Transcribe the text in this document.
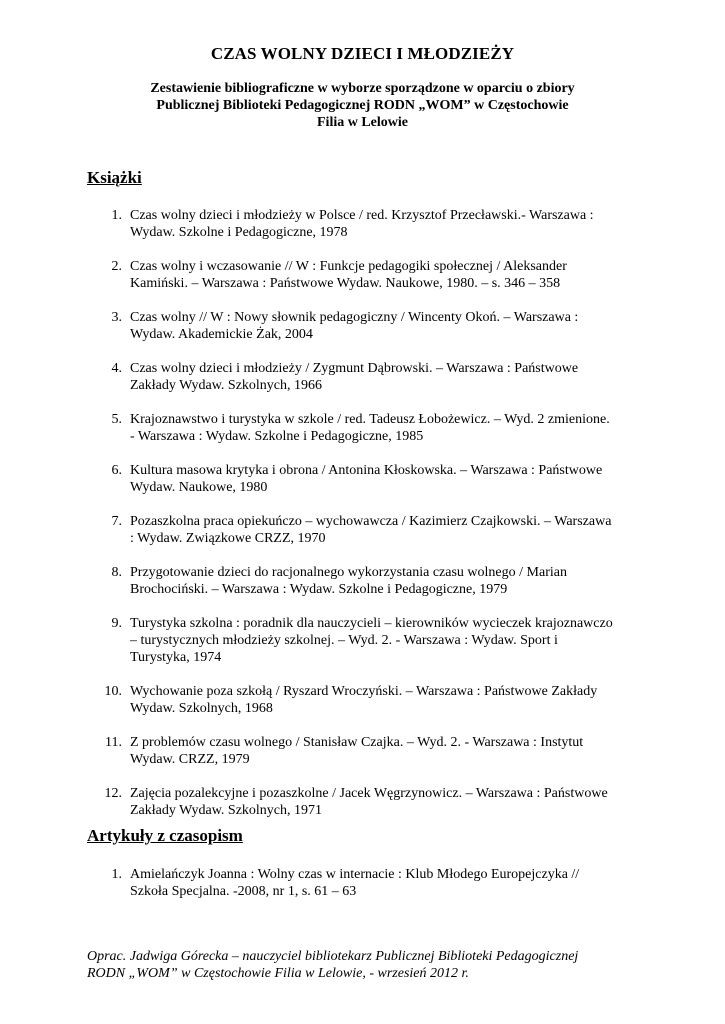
CZAS WOLNY DZIECI I MŁODZIEŻY
Zestawienie bibliograficzne w wyborze sporządzone w oparciu o zbiory
Publicznej Biblioteki Pedagogicznej RODN „WOM” w Częstochowie
Filia w Lelowie
Książki
1. Czas wolny dzieci i młodzieży w Polsce / red. Krzysztof Przecławski.- Warszawa :
Wydaw. Szkolne i Pedagogiczne, 1978
2. Czas wolny i wczasowanie // W : Funkcje pedagogiki społecznej / Aleksander
Kamiński. – Warszawa : Państwowe Wydaw. Naukowe, 1980. – s. 346 – 358
3. Czas wolny // W : Nowy słownik pedagogiczny / Wincenty Okoń. – Warszawa :
Wydaw. Akademickie Żak, 2004
4. Czas wolny dzieci i młodzieży / Zygmunt Dąbrowski. – Warszawa : Państwowe
Zakłady Wydaw. Szkolnych, 1966
5. Krajoznawstwo i turystyka w szkole / red. Tadeusz Łobożewicz. – Wyd. 2 zmienione.
- Warszawa : Wydaw. Szkolne i Pedagogiczne, 1985
6. Kultura masowa krytyka i obrona / Antonina Kłoskowska. – Warszawa : Państwowe
Wydaw. Naukowe, 1980
7. Pozaszkolna praca opiekuńczo – wychowawcza / Kazimierz Czajkowski. – Warszawa
: Wydaw. Związkowe CRZZ, 1970
8. Przygotowanie dzieci do racjonalnego wykorzystania czasu wolnego / Marian
Brochociński. – Warszawa : Wydaw. Szkolne i Pedagogiczne, 1979
9. Turystyka szkolna : poradnik dla nauczycieli – kierowników wycieczek krajoznawczo
– turystycznych młodzieży szkolnej. – Wyd. 2. - Warszawa : Wydaw. Sport i
Turystyka, 1974
10. Wychowanie poza szkołą / Ryszard Wroczyński. – Warszawa : Państwowe Zakłady
Wydaw. Szkolnych, 1968
11. Z problemów czasu wolnego / Stanisław Czajka. – Wyd. 2. - Warszawa : Instytut
Wydaw. CRZZ, 1979
12. Zajęcia pozalekcyjne i pozaszkolne / Jacek Węgrzynowicz. – Warszawa : Państwowe
Zakłady Wydaw. Szkolnych, 1971
Artykuły z czasopism
1. Amielańczyk Joanna : Wolny czas w internacie : Klub Młodego Europejczyka //
Szkoła Specjalna. -2008, nr 1, s. 61 – 63
Oprac. Jadwiga Górecka – nauczyciel bibliotekarz Publicznej Biblioteki Pedagogicznej
RODN „WOM” w Częstochowie Filia w Lelowie, - wrzesień 2012 r.
